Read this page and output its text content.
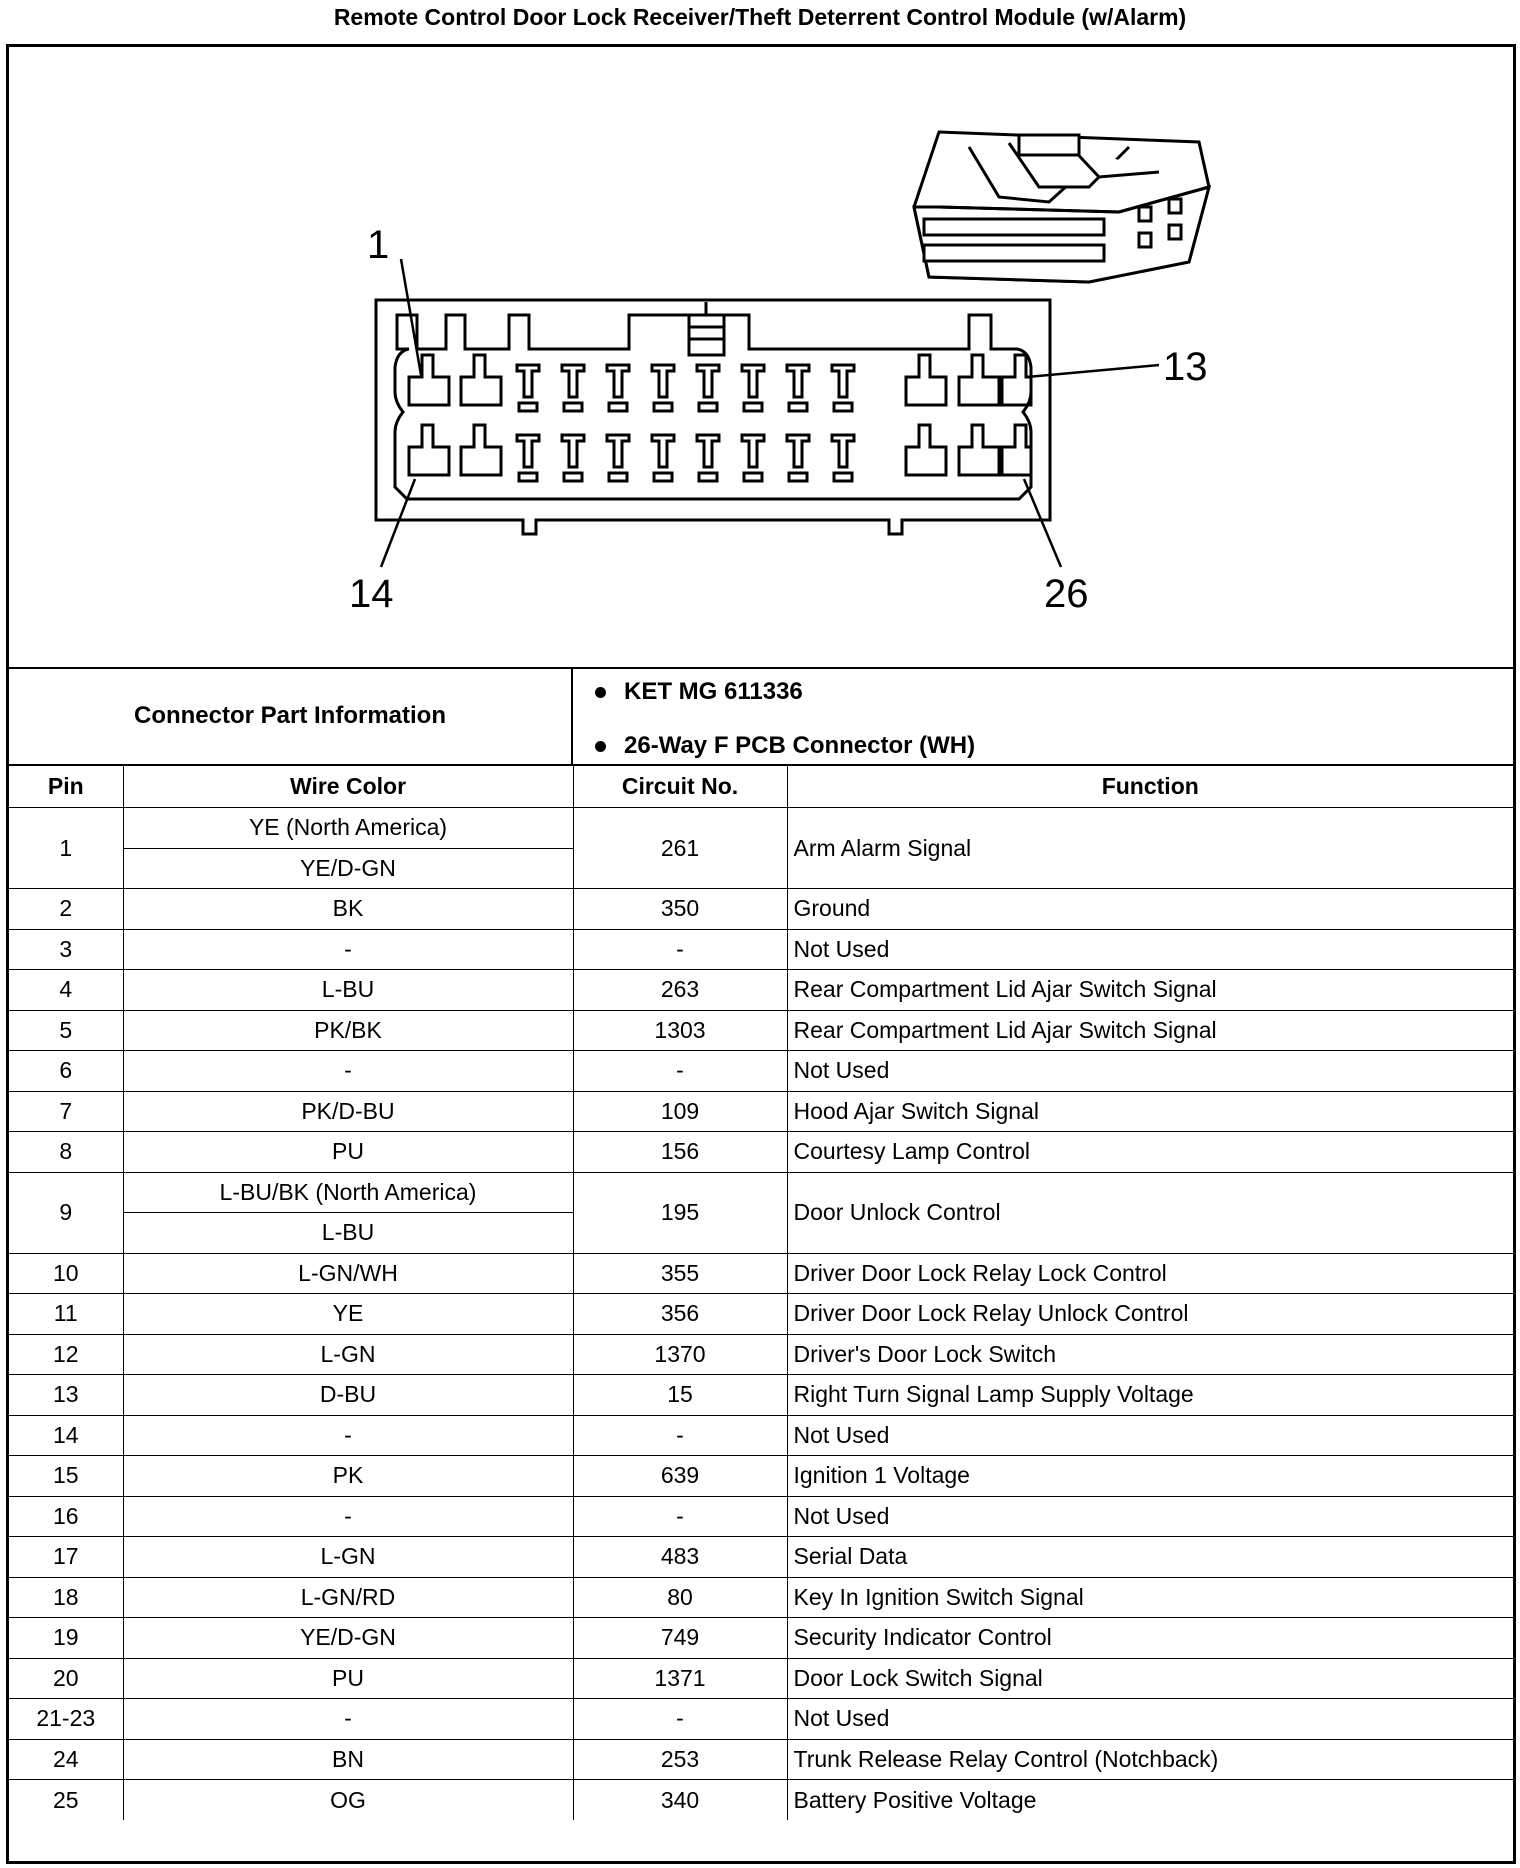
Remote Control Door Lock Receiver/Theft Deterrent Control Module (w/Alarm)
1
13
14	26
Connector Part Information
KET MG 611336
26-Way F PCB Connector (WH)
Pin	Wire Color	Circuit No.	Function
1	YE (North America)	261	Arm Alarm Signal
	YE/D-GN		
2	BK	350	Ground
3	-	-	Not Used
4	L-BU	263	Rear Compartment Lid Ajar Switch Signal
5	PK/BK	1303	Rear Compartment Lid Ajar Switch Signal
6	-	-	Not Used
7	PK/D-BU	109	Hood Ajar Switch Signal
8	PU	156	Courtesy Lamp Control
9	L-BU/BK (North America)	195	Door Unlock Control
	L-BU		
10	L-GN/WH	355	Driver Door Lock Relay Lock Control
11	YE	356	Driver Door Lock Relay Unlock Control
12	L-GN	1370	Driver's Door Lock Switch
13	D-BU	15	Right Turn Signal Lamp Supply Voltage
14	-	-	Not Used
15	PK	639	Ignition 1 Voltage
16	-	-	Not Used
17	L-GN	483	Serial Data
18	L-GN/RD	80	Key In Ignition Switch Signal
19	YE/D-GN	749	Security Indicator Control
20	PU	1371	Door Lock Switch Signal
21-23	-	-	Not Used
24	BN	253	Trunk Release Relay Control (Notchback)
25	OG	340	Battery Positive Voltage
